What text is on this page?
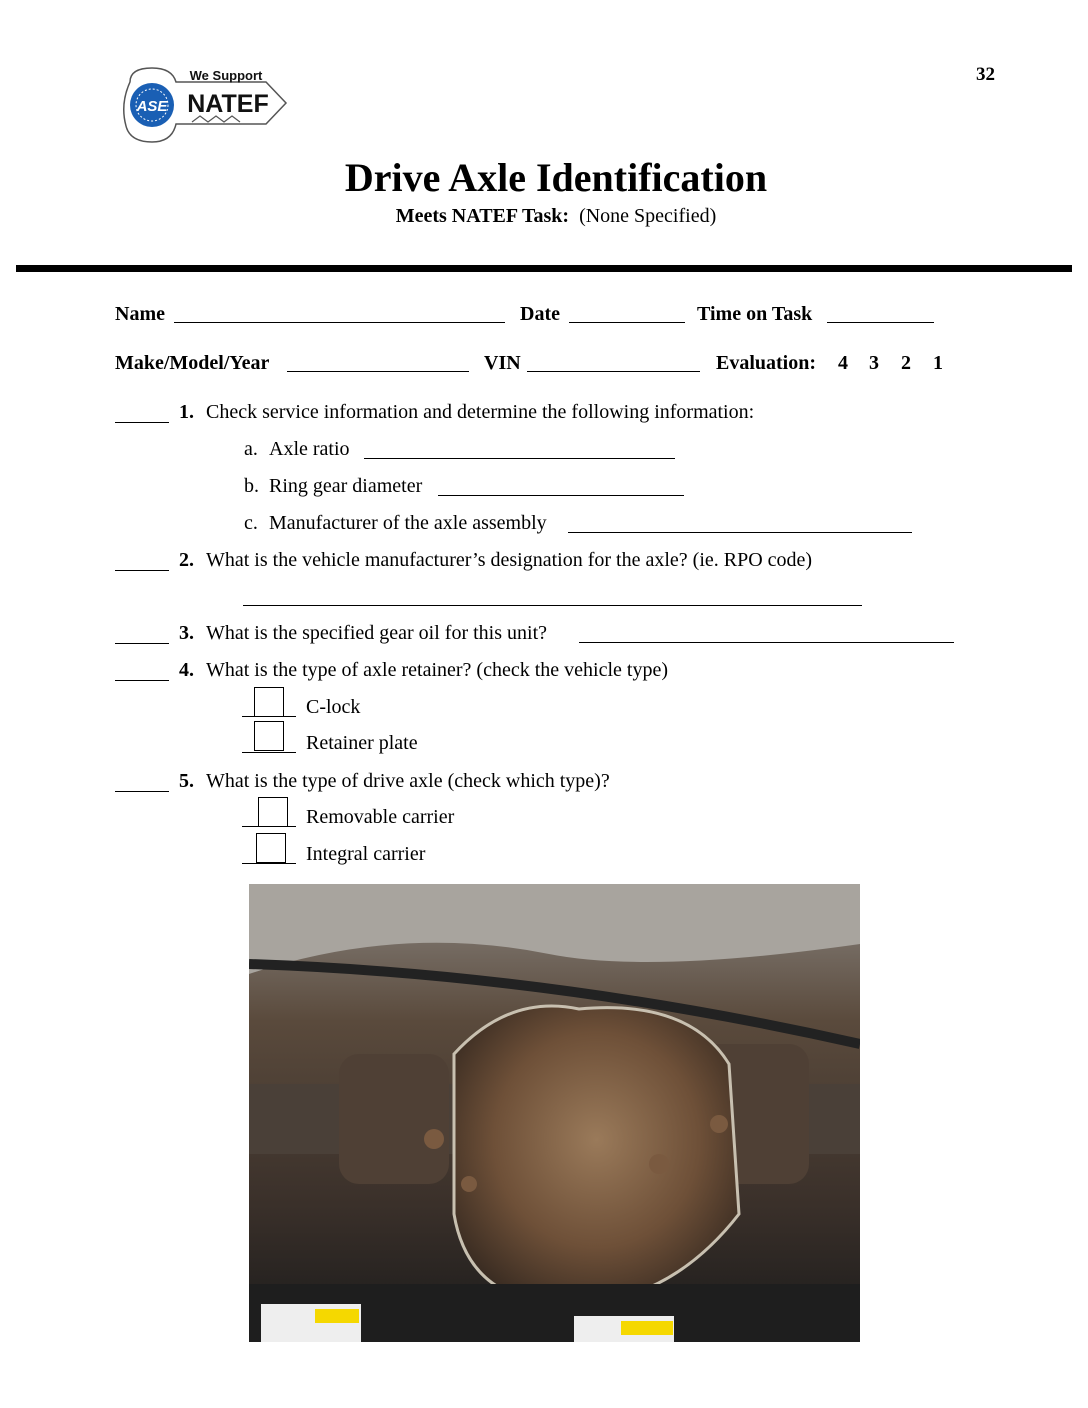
ASE
We Support
NATEF
32
Drive Axle Identification
Meets NATEF Task: (None Specified)
Name	Date	Time on Task
Make/Model/Year	VIN	Evaluation: 4 3 2 1
1. Check service information and determine the following information:
a. Axle ratio
b. Ring gear diameter
c. Manufacturer of the axle assembly
2. What is the vehicle manufacturer’s designation for the axle? (ie. RPO code)
3. What is the specified gear oil for this unit?
4. What is the type of axle retainer? (check the vehicle type)
C-lock
Retainer plate
5. What is the type of drive axle (check which type)?
Removable carrier
Integral carrier
